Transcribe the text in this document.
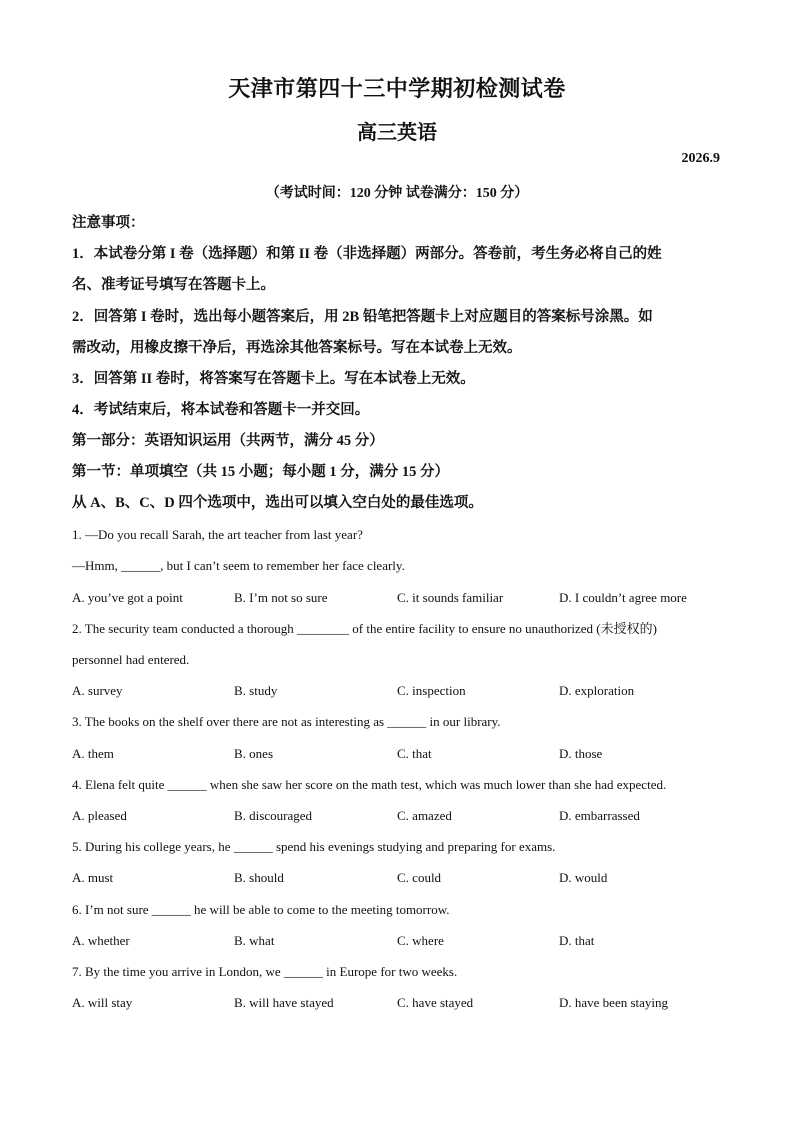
天津市第四十三中学期初检测试卷
高三英语
2026.9
（考试时间：120 分钟 试卷满分：150 分）
注意事项：
1．本试卷分第 I 卷（选择题）和第 II 卷（非选择题）两部分。答卷前，考生务必将自己的姓
名、准考证号填写在答题卡上。
2．回答第 I 卷时，选出每小题答案后，用 2B 铅笔把答题卡上对应题目的答案标号涂黑。如
需改动，用橡皮擦干净后，再选涂其他答案标号。写在本试卷上无效。
3．回答第 II 卷时，将答案写在答题卡上。写在本试卷上无效。
4．考试结束后，将本试卷和答题卡一并交回。
第一部分：英语知识运用（共两节，满分 45 分）
第一节：单项填空（共 15 小题；每小题 1 分，满分 15 分）
从 A、B、C、D 四个选项中，选出可以填入空白处的最佳选项。
1. —Do you recall Sarah, the art teacher from last year?
—Hmm, ______, but I can’t seem to remember her face clearly.
A. you’ve got a point	B. I’m not so sure	C. it sounds familiar	D. I couldn’t agree more
2. The security team conducted a thorough ________ of the entire facility to ensure no unauthorized (未授权的)
personnel had entered.
A. survey	B. study	C. inspection	D. exploration
3. The books on the shelf over there are not as interesting as ______ in our library.
A. them	B. ones	C. that	D. those
4. Elena felt quite ______ when she saw her score on the math test, which was much lower than she had expected.
A. pleased	B. discouraged	C. amazed	D. embarrassed
5. During his college years, he ______ spend his evenings studying and preparing for exams.
A. must	B. should	C. could	D. would
6. I’m not sure ______ he will be able to come to the meeting tomorrow.
A. whether	B. what	C. where	D. that
7. By the time you arrive in London, we ______ in Europe for two weeks.
A. will stay	B. will have stayed	C. have stayed	D. have been staying
